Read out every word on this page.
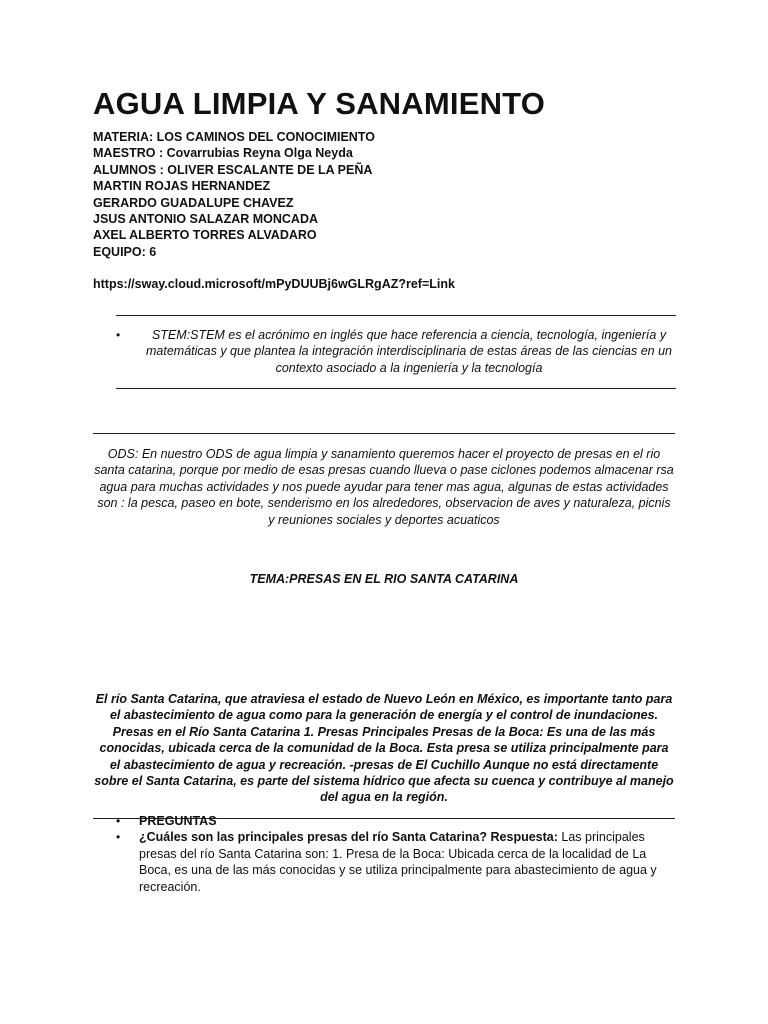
AGUA LIMPIA Y SANAMIENTO
MATERIA: LOS CAMINOS DEL CONOCIMIENTO
MAESTRO : Covarrubias Reyna Olga Neyda
ALUMNOS : OLIVER ESCALANTE DE LA PEÑA
MARTIN ROJAS HERNANDEZ
GERARDO GUADALUPE CHAVEZ
JSUS ANTONIO SALAZAR MONCADA
AXEL ALBERTO TORRES ALVADARO
EQUIPO: 6
https://sway.cloud.microsoft/mPyDUUBj6wGLRgAZ?ref=Link
•	STEM:STEM es el acrónimo en inglés que hace referencia a ciencia, tecnología, ingeniería y matemáticas y que plantea la integración interdisciplinaria de estas áreas de las ciencias en un contexto asociado a la ingeniería y la tecnología
ODS: En nuestro ODS de agua limpia y sanamiento queremos hacer el proyecto de presas en el rio santa catarina, porque por medio de esas presas cuando llueva o pase ciclones podemos almacenar rsa agua para muchas actividades y nos puede ayudar para tener mas agua, algunas de estas actividades son : la pesca, paseo en bote, senderismo en los alrededores, observacion de aves y naturaleza, picnis y reuniones sociales y deportes acuaticos
TEMA:PRESAS EN EL RIO SANTA CATARINA
El río Santa Catarina, que atraviesa el estado de Nuevo León en México, es importante tanto para el abastecimiento de agua como para la generación de energía y el control de inundaciones. Presas en el Río Santa Catarina 1. Presas Principales Presas de la Boca: Es una de las más conocidas, ubicada cerca de la comunidad de la Boca. Esta presa se utiliza principalmente para el abastecimiento de agua y recreación. -presas de El Cuchillo Aunque no está directamente sobre el Santa Catarina, es parte del sistema hídrico que afecta su cuenca y contribuye al manejo del agua en la región.
• PREGUNTAS
• ¿Cuáles son las principales presas del río Santa Catarina? Respuesta: Las principales presas del río Santa Catarina son: 1. Presa de la Boca: Ubicada cerca de la localidad de La Boca, es una de las más conocidas y se utiliza principalmente para abastecimiento de agua y recreación.
